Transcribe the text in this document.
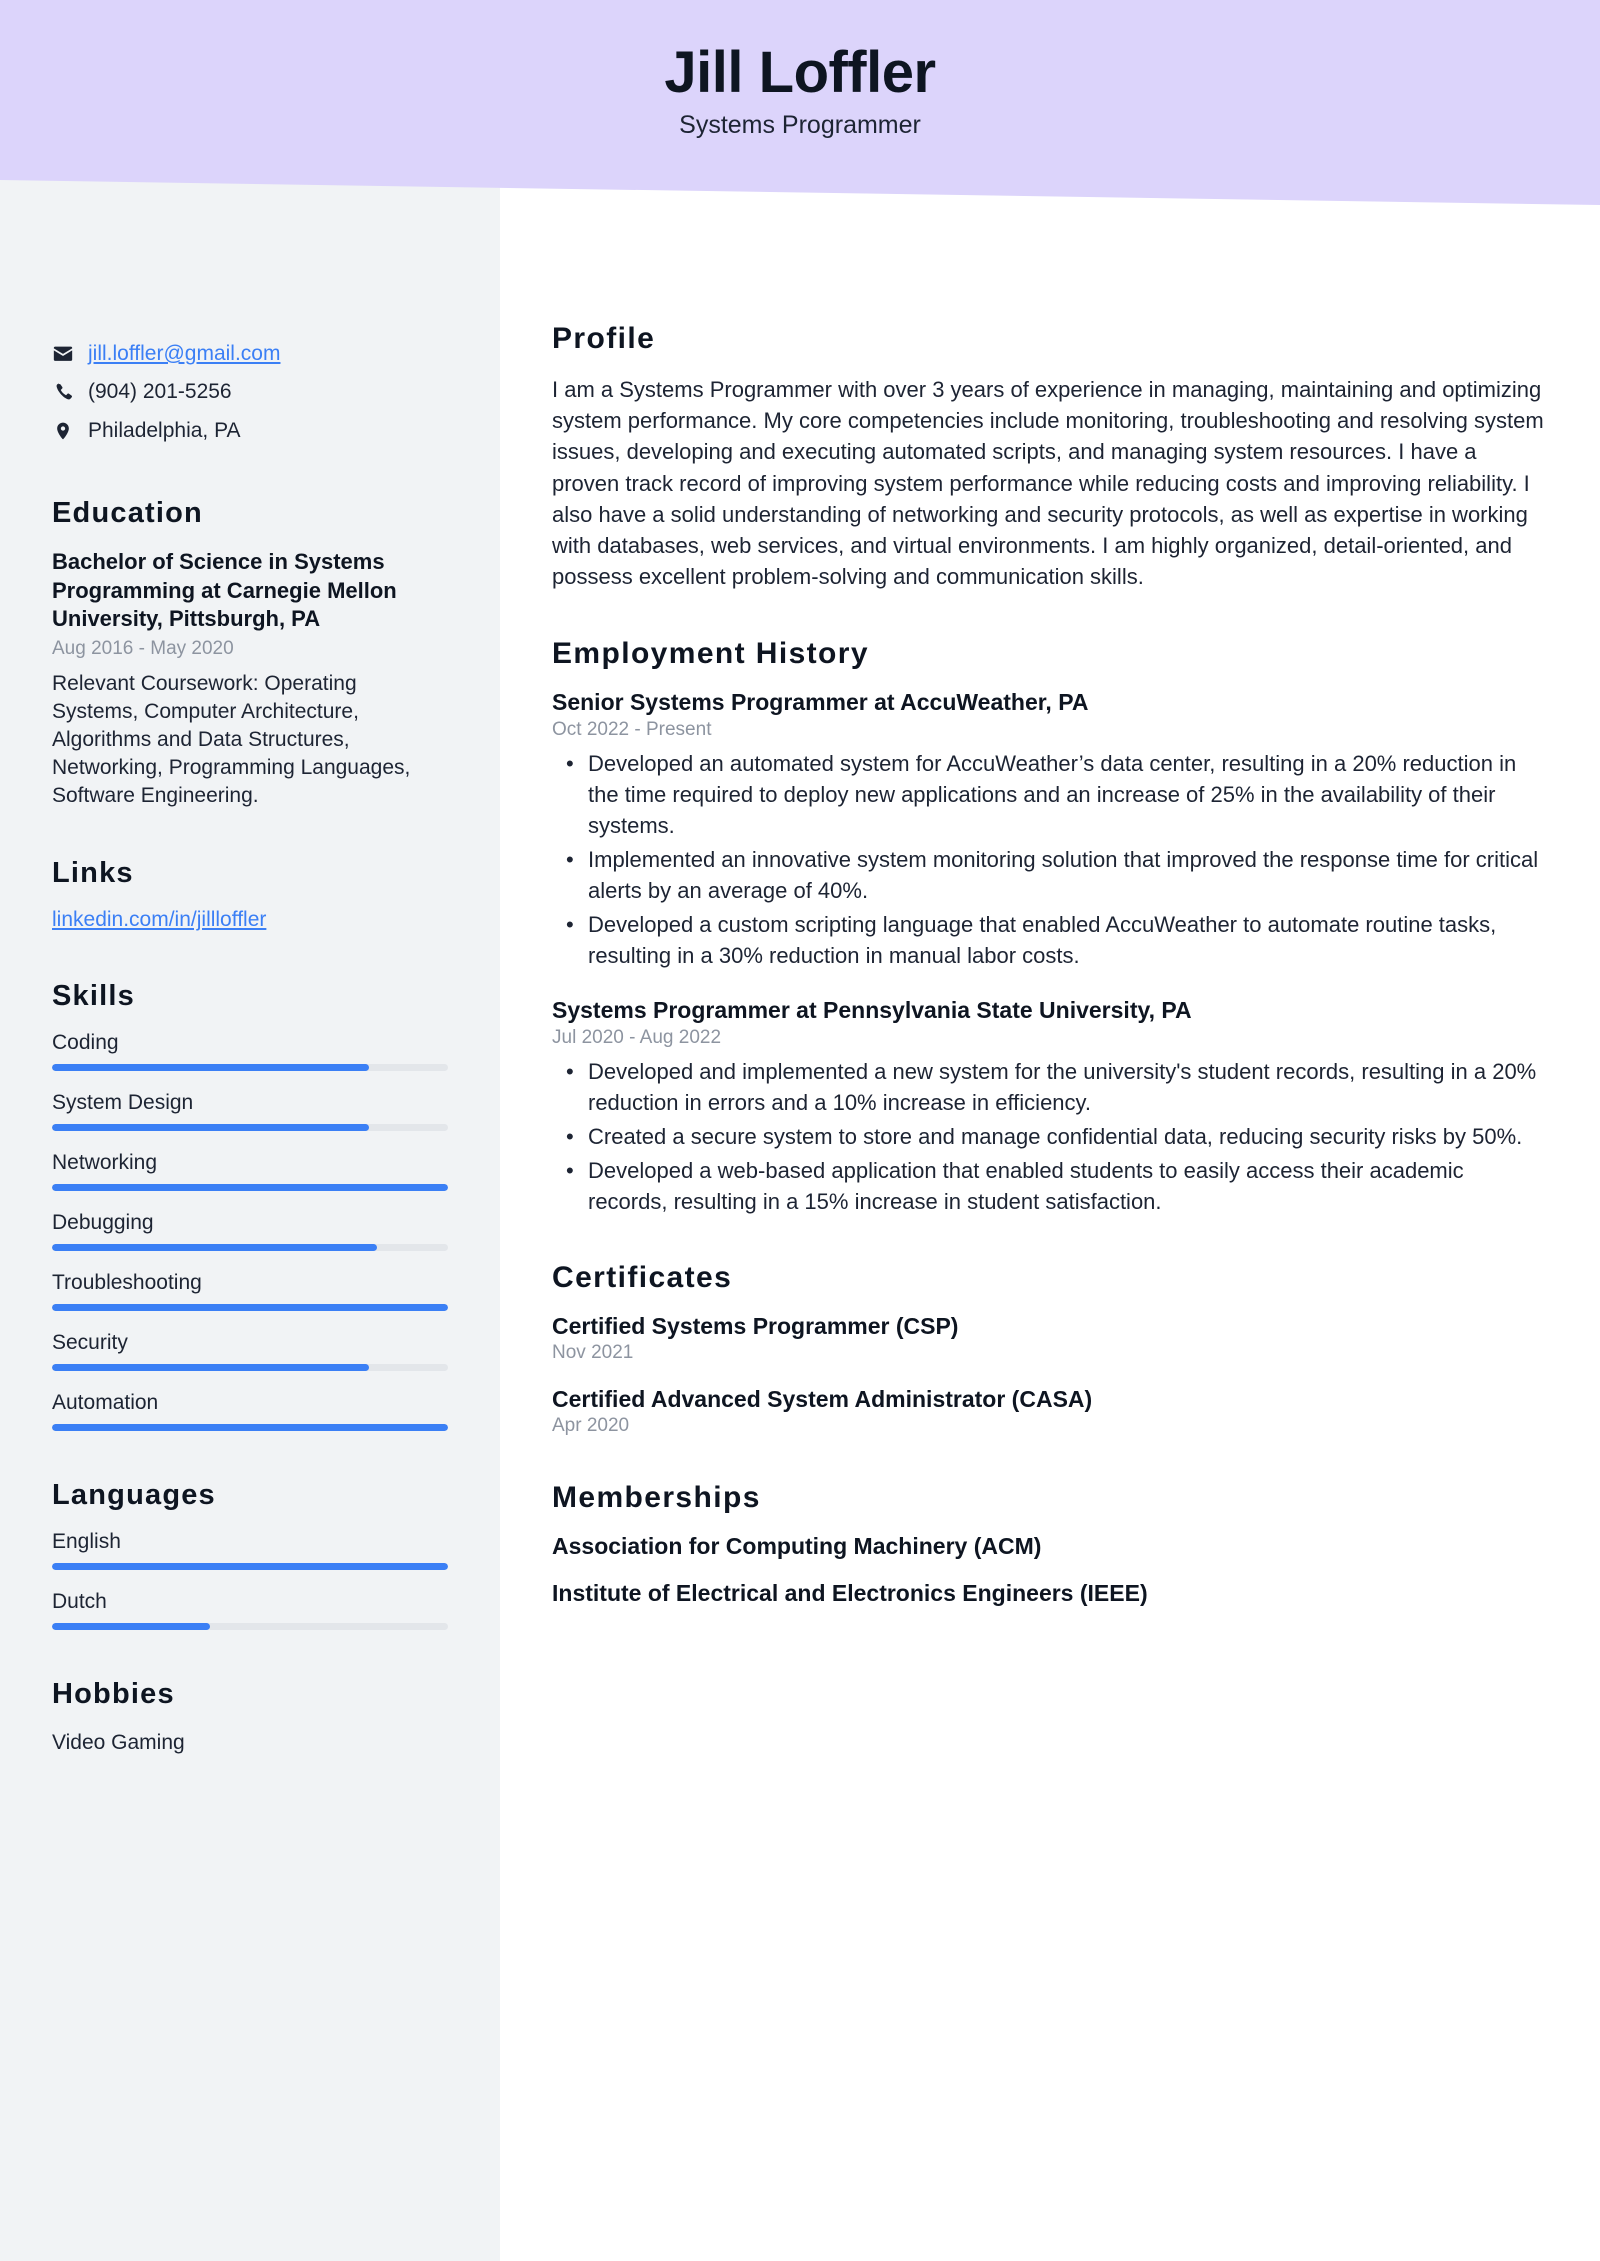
Jill Loffler
Systems Programmer
jill.loffler@gmail.com
(904) 201-5256
Philadelphia, PA
Education
Bachelor of Science in Systems Programming at Carnegie Mellon University, Pittsburgh, PA
Aug 2016 - May 2020
Relevant Coursework: Operating Systems, Computer Architecture, Algorithms and Data Structures, Networking, Programming Languages, Software Engineering.
Links
linkedin.com/in/jillloffler
Skills
Coding
System Design
Networking
Debugging
Troubleshooting
Security
Automation
Languages
English
Dutch
Hobbies
Video Gaming
Profile
I am a Systems Programmer with over 3 years of experience in managing, maintaining and optimizing system performance. My core competencies include monitoring, troubleshooting and resolving system issues, developing and executing automated scripts, and managing system resources. I have a proven track record of improving system performance while reducing costs and improving reliability. I also have a solid understanding of networking and security protocols, as well as expertise in working with databases, web services, and virtual environments. I am highly organized, detail-oriented, and possess excellent problem-solving and communication skills.
Employment History
Senior Systems Programmer at AccuWeather, PA
Oct 2022 - Present
• Developed an automated system for AccuWeather’s data center, resulting in a 20% reduction in the time required to deploy new applications and an increase of 25% in the availability of their systems.
• Implemented an innovative system monitoring solution that improved the response time for critical alerts by an average of 40%.
• Developed a custom scripting language that enabled AccuWeather to automate routine tasks, resulting in a 30% reduction in manual labor costs.
Systems Programmer at Pennsylvania State University, PA
Jul 2020 - Aug 2022
• Developed and implemented a new system for the university's student records, resulting in a 20% reduction in errors and a 10% increase in efficiency.
• Created a secure system to store and manage confidential data, reducing security risks by 50%.
• Developed a web-based application that enabled students to easily access their academic records, resulting in a 15% increase in student satisfaction.
Certificates
Certified Systems Programmer (CSP)
Nov 2021
Certified Advanced System Administrator (CASA)
Apr 2020
Memberships
Association for Computing Machinery (ACM)
Institute of Electrical and Electronics Engineers (IEEE)
